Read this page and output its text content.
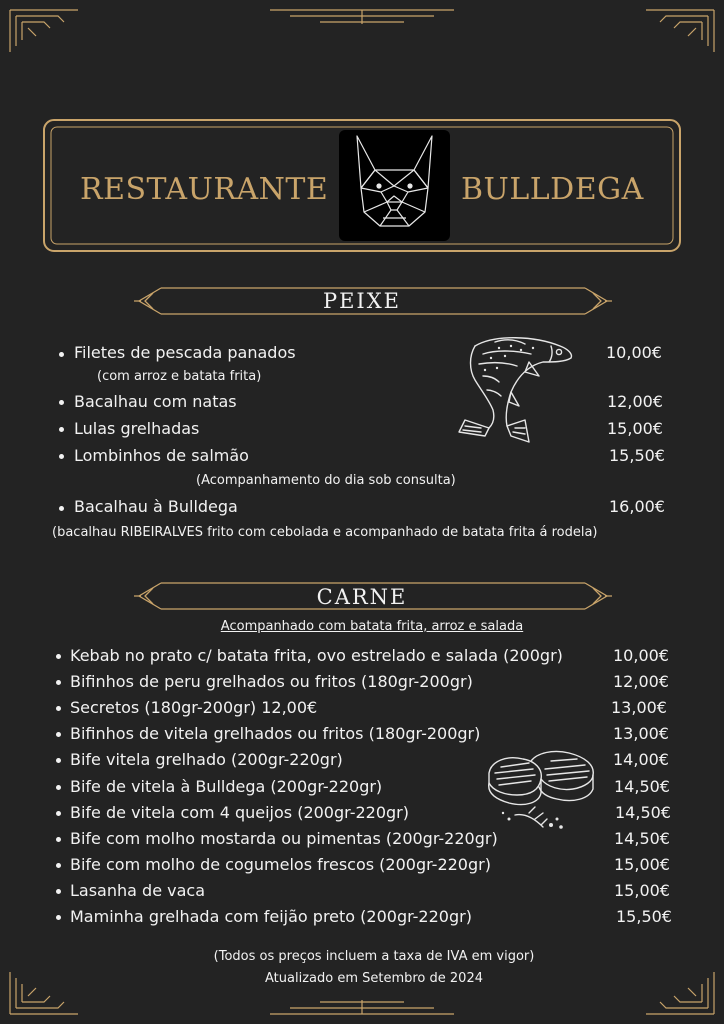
RESTAURANTE	BULLDEGA
PEIXE
Filetes de pescada panados	10,00€
(com arroz e batata frita)
Bacalhau com natas	12,00€
Lulas grelhadas	15,00€
Lombinhos de salmão	15,50€
(Acompanhamento do dia sob consulta)
Bacalhau à Bulldega	16,00€
(bacalhau RIBEIRALVES frito com cebolada e acompanhado de batata frita á rodela)
CARNE
Acompanhado com batata frita, arroz e salada
Kebab no prato c/ batata frita, ovo estrelado e salada (200gr)	10,00€
Bifinhos de peru grelhados ou fritos (180gr-200gr)	12,00€
Secretos (180gr-200gr) 12,00€	13,00€
Bifinhos de vitela grelhados ou fritos (180gr-200gr)	13,00€
Bife vitela grelhado (200gr-220gr)	14,00€
Bife de vitela à Bulldega (200gr-220gr)	14,50€
Bife de vitela com 4 queijos (200gr-220gr)	14,50€
Bife com molho mostarda ou pimentas (200gr-220gr)	14,50€
Bife com molho de cogumelos frescos (200gr-220gr)	15,00€
Lasanha de vaca	15,00€
Maminha grelhada com feijão preto (200gr-220gr)	15,50€
(Todos os preços incluem a taxa de IVA em vigor)
Atualizado em Setembro de 2024
